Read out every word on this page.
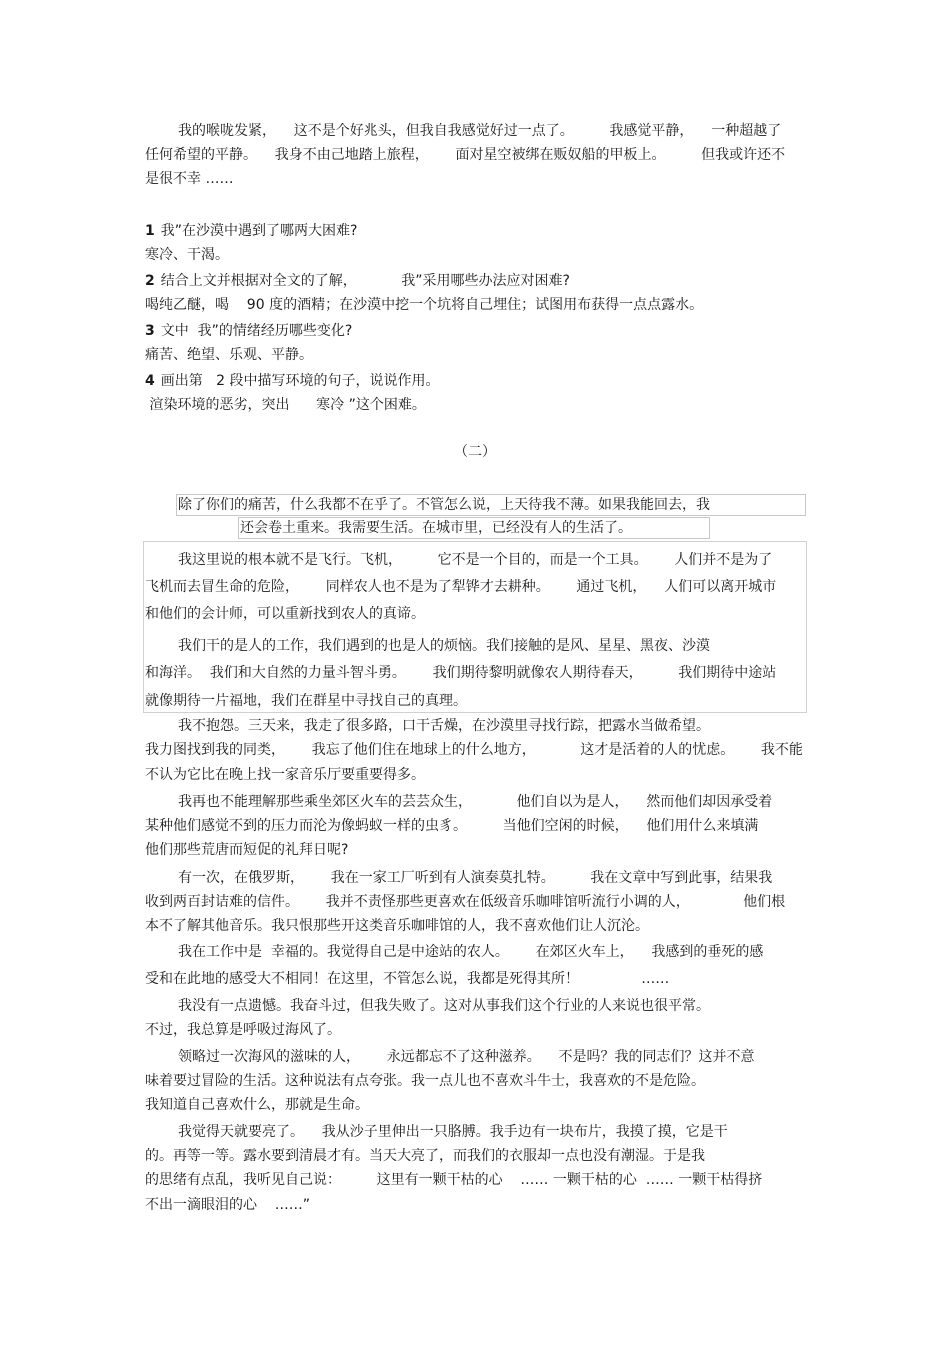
我的喉咙发紧，    这不是个好兆头，但我自我感觉好过一点了。        我感觉平静，    一种超越了
任何希望的平静。    我身不由己地踏上旅程，      面对星空被绑在贩奴船的甲板上。        但我或许还不
是很不幸 ……
1 我”在沙漠中遇到了哪两大困难?
寒冷、干渴。
2 结合上文并根据对全文的了解，          我”采用哪些办法应对困难?
喝纯乙醚，喝    90 度的酒精；在沙漠中挖一个坑将自己埋住；试图用布获得一点点露水。
3 文中  我”的情绪经历哪些变化?
痛苦、绝望、乐观、平静。
4 画出第   2 段中描写环境的句子，说说作用。
渲染环境的恶劣，突出      寒冷 ”这个困难。
（二）
除了你们的痛苦，什么我都不在乎了。不管怎么说，上天待我不薄。如果我能回去，我
还会卷土重来。我需要生活。在城市里，已经没有人的生活了。
我这里说的根本就不是飞行。飞机，        它不是一个目的，而是一个工具。      人们并不是为了
飞机而去冒生命的危险，      同样农人也不是为了犁铧才去耕种。      通过飞机，    人们可以离开城市
和他们的会计师，可以重新找到农人的真谛。
我们干的是人的工作，我们遇到的也是人的烦恼。我们接触的是风、星星、黑夜、沙漠
和海洋。  我们和大自然的力量斗智斗勇。      我们期待黎明就像农人期待春天，        我们期待中途站
就像期待一片福地，我们在群星中寻找自己的真理。
我不抱怨。三天来，我走了很多路，口干舌燥，在沙漠里寻找行踪，把露水当做希望。
我力图找到我的同类，      我忘了他们住在地球上的什么地方，          这才是活着的人的忧虑。      我不能
不认为它比在晚上找一家音乐厅要重要得多。
我再也不能理解那些乘坐郊区火车的芸芸众生，          他们自以为是人，    然而他们却因承受着
某种他们感觉不到的压力而沦为像蚂蚁一样的虫豸。        当他们空闲的时候，    他们用什么来填满
他们那些荒唐而短促的礼拜日呢?
有一次，在俄罗斯，      我在一家工厂听到有人演奏莫扎特。        我在文章中写到此事，结果我
收到两百封诘难的信件。      我并不责怪那些更喜欢在低级音乐咖啡馆听流行小调的人，            他们根
本不了解其他音乐。我只恨那些开这类音乐咖啡馆的人，我不喜欢他们让人沉沦。
我在工作中是  幸福的。我觉得自己是中途站的农人。      在郊区火车上，    我感到的垂死的感
受和在此地的感受大不相同！在这里，不管怎么说，我都是死得其所！              ……
我没有一点遗憾。我奋斗过，但我失败了。这对从事我们这个行业的人来说也很平常。
不过，我总算是呼吸过海风了。
领略过一次海风的滋味的人，      永远都忘不了这种滋养。    不是吗？我的同志们？这并不意
味着要过冒险的生活。这种说法有点夸张。我一点儿也不喜欢斗牛士，我喜欢的不是危险。
我知道自己喜欢什么，那就是生命。
我觉得天就要亮了。    我从沙子里伸出一只胳膊。我手边有一块布片，我摸了摸，它是干
的。再等一等。露水要到清晨才有。当天大亮了，而我们的衣服却一点也没有潮湿。于是我
的思绪有点乱，我听见自己说：        这里有一颗干枯的心    …… 一颗干枯的心  …… 一颗干枯得挤
不出一滴眼泪的心    ……”
